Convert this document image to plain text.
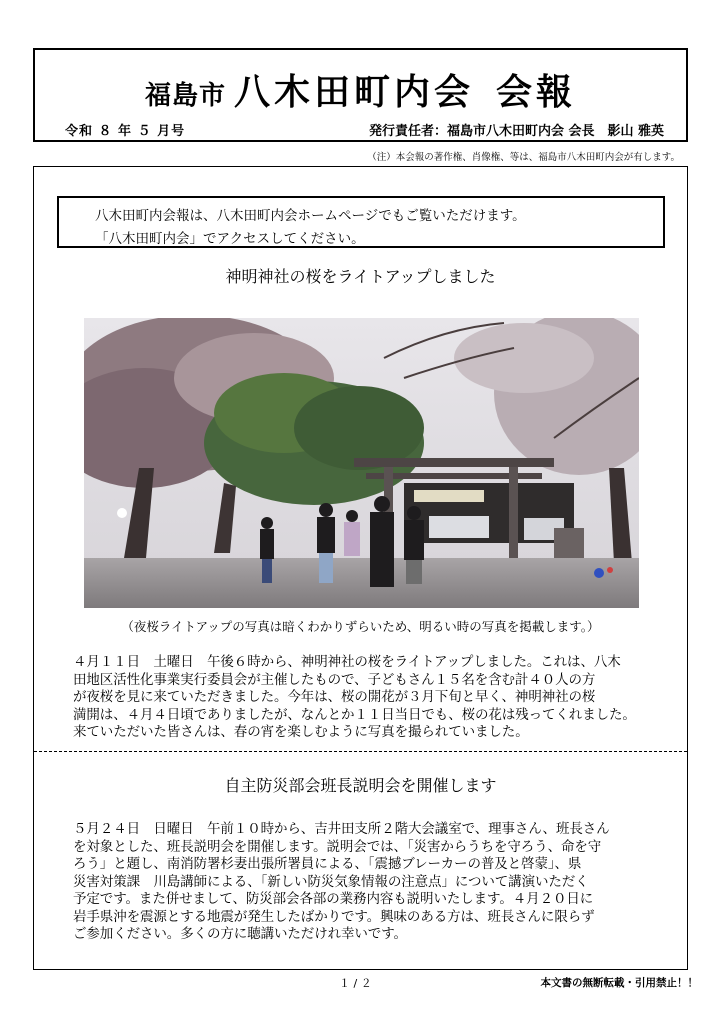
福島市 八木田町内会 会報
令和 ８ 年 ５ 月号	発行責任者：福島市八木田町内会 会長　影山 雅英
（注）本会報の著作権、肖像権、等は、福島市八木田町内会が有します。
八木田町内会報は、八木田町内会ホームページでもご覧いただけます。
「八木田町内会」でアクセスしてください。
神明神社の桜をライトアップしました
（夜桜ライトアップの写真は暗くわかりずらいため、明るい時の写真を掲載します。）
４月１１日　土曜日　午後６時から、神明神社の桜をライトアップしました。これは、八木
田地区活性化事業実行委員会が主催したもので、子どもさん１５名を含む計４０人の方
が夜桜を見に来ていただきました。今年は、桜の開花が３月下旬と早く、神明神社の桜
満開は、４月４日頃でありましたが、なんとか１１日当日でも、桜の花は残ってくれました。
来ていただいた皆さんは、春の宵を楽しむように写真を撮られていました。
自主防災部会班長説明会を開催します
５月２４日　日曜日　午前１０時から、吉井田支所２階大会議室で、理事さん、班長さん
を対象とした、班長説明会を開催します。説明会では、「災害からうちを守ろう、命を守
ろう」と題し、南消防署杉妻出張所署員による、「震撼ブレーカーの普及と啓蒙」、県
災害対策課　川島講師による、「新しい防災気象情報の注意点」について講演いただく
予定です。また併せまして、防災部会各部の業務内容も説明いたします。４月２０日に
岩手県沖を震源とする地震が発生したばかりです。興味のある方は、班長さんに限らず
ご参加ください。多くの方に聴講いただけれ幸いです。
１ / ２	本文書の無断転載・引用禁止！！
